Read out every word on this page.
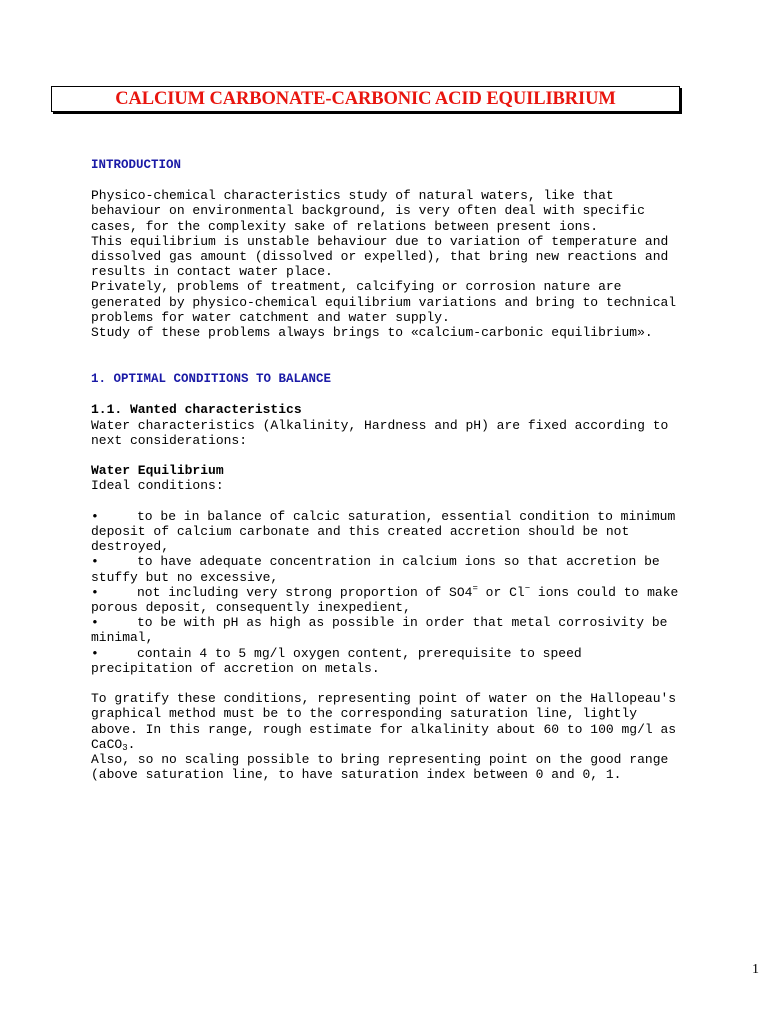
CALCIUM CARBONATE-CARBONIC ACID EQUILIBRIUM
INTRODUCTION

Physico-chemical characteristics study of natural waters, like that behaviour on environmental background, is very often deal with specific cases, for the complexity sake of relations between present ions.

This equilibrium is unstable behaviour due to variation of temperature and dissolved gas amount (dissolved or expelled), that bring new reactions and results in contact water place.

Privately, problems of treatment, calcifying or corrosion nature are generated by physico-chemical equilibrium variations and bring to technical problems for water catchment and water supply.

Study of these problems always brings to «calcium-carbonic equilibrium».

1. OPTIMAL CONDITIONS TO BALANCE
1.1. Wanted characteristics

Water characteristics (Alkalinity, Hardness and pH) are fixed according to next considerations:

Water Equilibrium

Ideal conditions:

•	to be in balance of calcic saturation, essential condition to minimum deposit of calcium carbonate and this created accretion should be not destroyed,
•	to have adequate concentration in calcium ions so that accretion be stuffy but no excessive,
•	not including very strong proportion of SO4= or Cl− ions could to make porous deposit, consequently inexpedient,
•	to be with pH as high as possible in order that metal corrosivity be minimal,
•	contain 4 to 5 mg/l oxygen content, prerequisite to speed precipitation of accretion on metals.

To gratify these conditions, representing point of water on the Hallopeau's graphical method must be to the corresponding saturation line, lightly above. In this range, rough estimate for alkalinity about 60 to 100 mg/l as CaCO$_3$.

Also, so no scaling possible to bring representing point on the good range (above saturation line, to have saturation index between 0 and 0, 1.

1
